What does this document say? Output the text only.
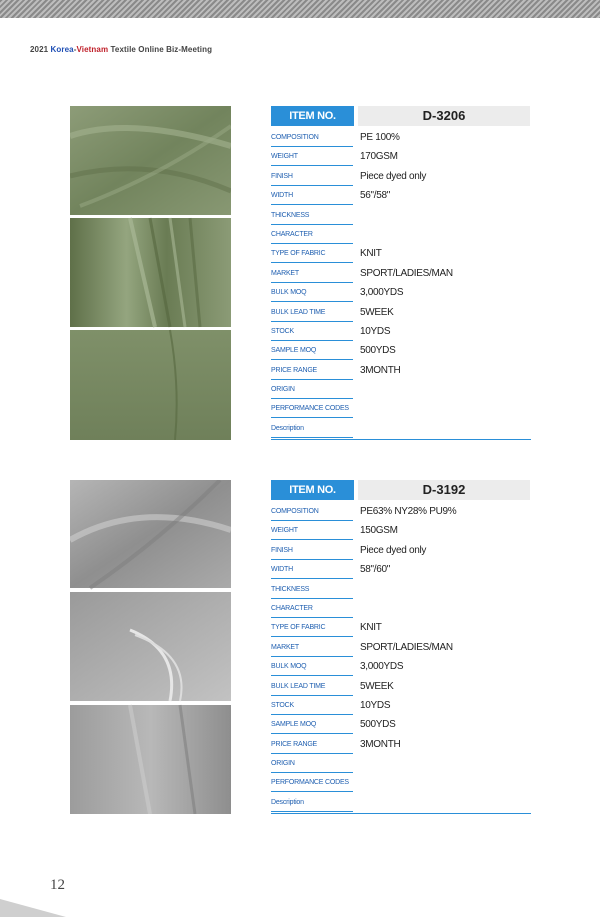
2021 Korea-Vietnam Textile Online Biz-Meeting
ITEM NO.	D-3206
COMPOSITION	PE 100%
WEIGHT	170GSM
FINISH	Piece dyed only
WIDTH	56"/58"
THICKNESS
CHARACTER
TYPE OF FABRIC	KNIT
MARKET	SPORT/LADIES/MAN
BULK MOQ	3,000YDS
BULK LEAD TIME	5WEEK
STOCK	10YDS
SAMPLE MOQ	500YDS
PRICE RANGE	3MONTH
ORIGIN
PERFORMANCE CODES
Description
ITEM NO.	D-3192
COMPOSITION	PE63% NY28% PU9%
WEIGHT	150GSM
FINISH	Piece dyed only
WIDTH	58"/60"
THICKNESS
CHARACTER
TYPE OF FABRIC	KNIT
MARKET	SPORT/LADIES/MAN
BULK MOQ	3,000YDS
BULK LEAD TIME	5WEEK
STOCK	10YDS
SAMPLE MOQ	500YDS
PRICE RANGE	3MONTH
ORIGIN
PERFORMANCE CODES
Description
12
